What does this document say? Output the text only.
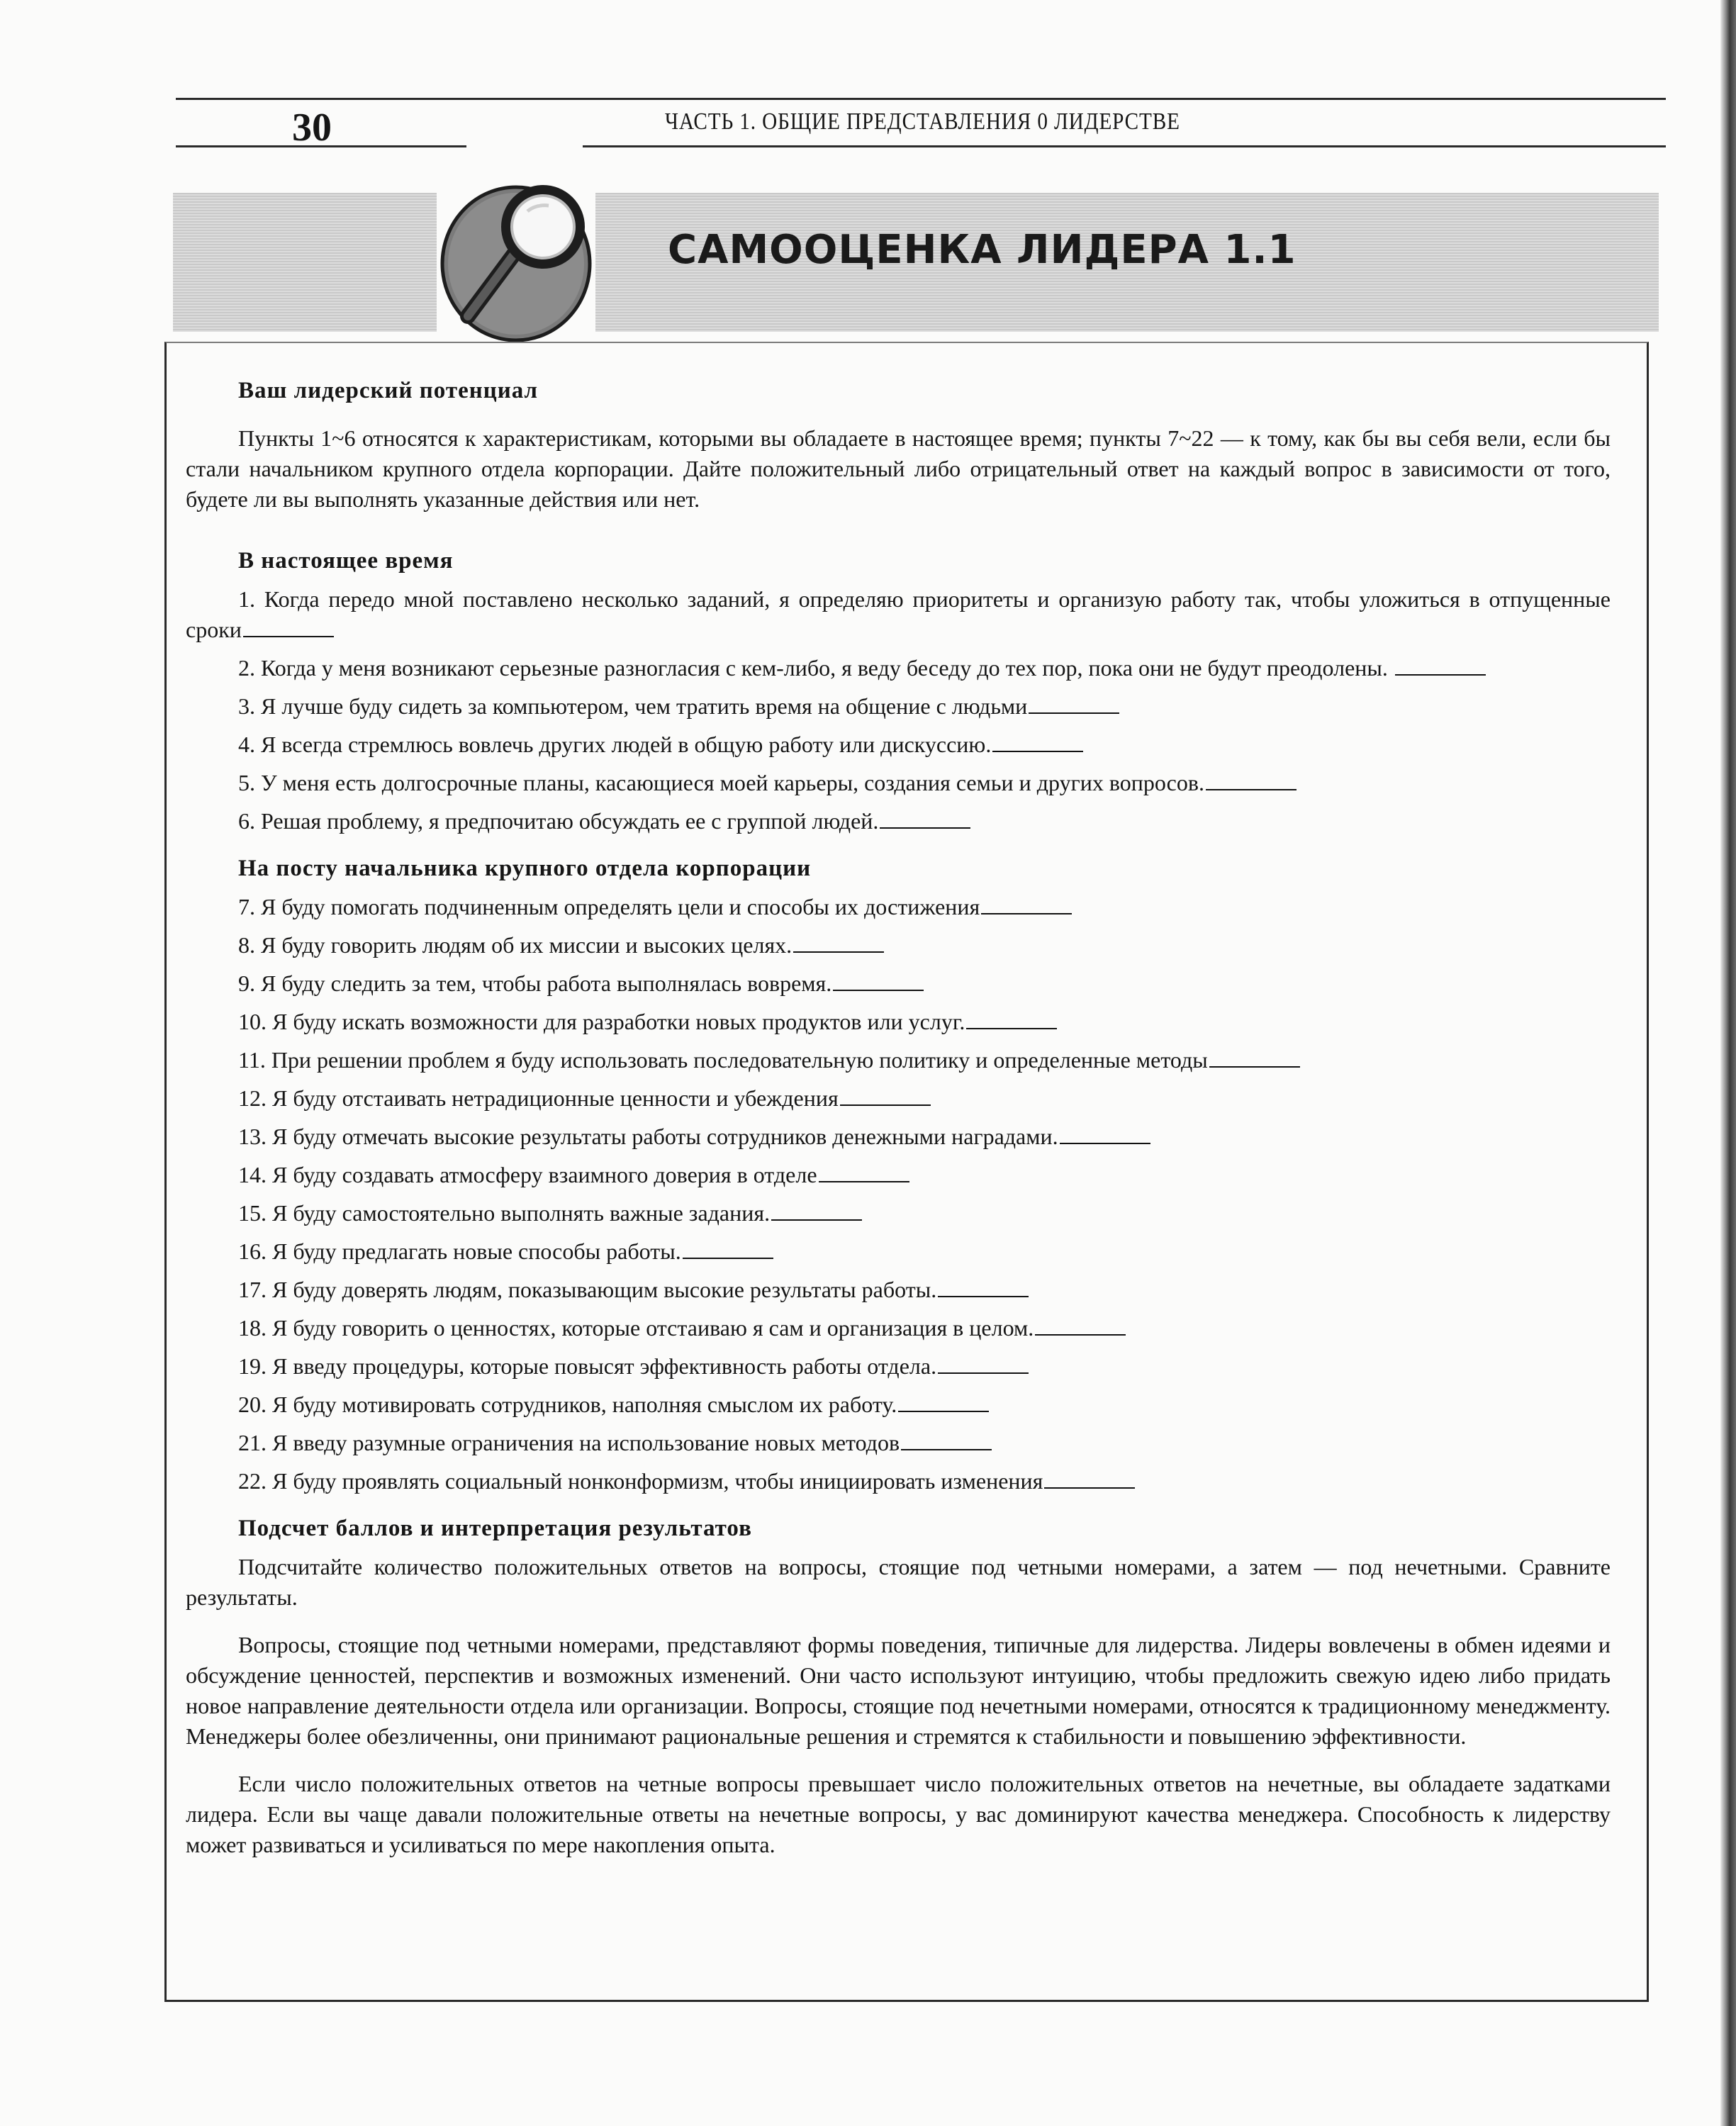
30	ЧАСТЬ 1. ОБЩИЕ ПРЕДСТАВЛЕНИЯ 0 ЛИДЕРСТВЕ
САМООЦЕНКА ЛИДЕРА 1.1
Ваш лидерский потенциал

Пункты 1~6 относятся к характеристикам, которыми вы обладаете в настоящее время; пункты 7~22 — к тому, как бы вы себя вели, если бы стали начальником крупного отдела корпорации. Дайте положительный либо отрицательный ответ на каждый вопрос в зависимости от того, будете ли вы выполнять указанные действия или нет.

В настоящее время

1. Когда передо мной поставлено несколько заданий, я определяю приоритеты и организую работу так, чтобы уложиться в отпущенные сроки

2. Когда у меня возникают серьезные разногласия с кем-либо, я веду беседу до тех пор, пока они не будут преодолены.

3. Я лучше буду сидеть за компьютером, чем тратить время на общение с людьми

4. Я всегда стремлюсь вовлечь других людей в общую работу или дискуссию.

5. У меня есть долгосрочные планы, касающиеся моей карьеры, создания семьи и других вопросов.

6. Решая проблему, я предпочитаю обсуждать ее с группой людей.

На посту начальника крупного отдела корпорации

7. Я буду помогать подчиненным определять цели и способы их достижения

8. Я буду говорить людям об их миссии и высоких целях.

9. Я буду следить за тем, чтобы работа выполнялась вовремя.

10. Я буду искать возможности для разработки новых продуктов или услуг.

11. При решении проблем я буду использовать последовательную политику и определенные методы

12. Я буду отстаивать нетрадиционные ценности и убеждения

13. Я буду отмечать высокие результаты работы сотрудников денежными наградами.

14. Я буду создавать атмосферу взаимного доверия в отделе

15. Я буду самостоятельно выполнять важные задания.

16. Я буду предлагать новые способы работы.

17. Я буду доверять людям, показывающим высокие результаты работы.

18. Я буду говорить о ценностях, которые отстаиваю я сам и организация в целом.

19. Я введу процедуры, которые повысят эффективность работы отдела.

20. Я буду мотивировать сотрудников, наполняя смыслом их работу.

21. Я введу разумные ограничения на использование новых методов

22. Я буду проявлять социальный нонконформизм, чтобы инициировать изменения

Подсчет баллов и интерпретация результатов

Подсчитайте количество положительных ответов на вопросы, стоящие под четными номерами, а затем — под нечетными. Сравните результаты.

Вопросы, стоящие под четными номерами, представляют формы поведения, типичные для лидерства. Лидеры вовлечены в обмен идеями и обсуждение ценностей, перспектив и возможных изменений. Они часто используют интуицию, чтобы предложить свежую идею либо придать новое направление деятельности отдела или организации. Вопросы, стоящие под нечетными номерами, относятся к традиционному менеджменту. Менеджеры более обезличенны, они принимают рациональные решения и стремятся к стабильности и повышению эффективности.

Если число положительных ответов на четные вопросы превышает число положительных ответов на нечетные, вы обладаете задатками лидера. Если вы чаще давали положительные ответы на нечетные вопросы, у вас доминируют качества менеджера. Способность к лидерству может развиваться и усиливаться по мере накопления опыта.
